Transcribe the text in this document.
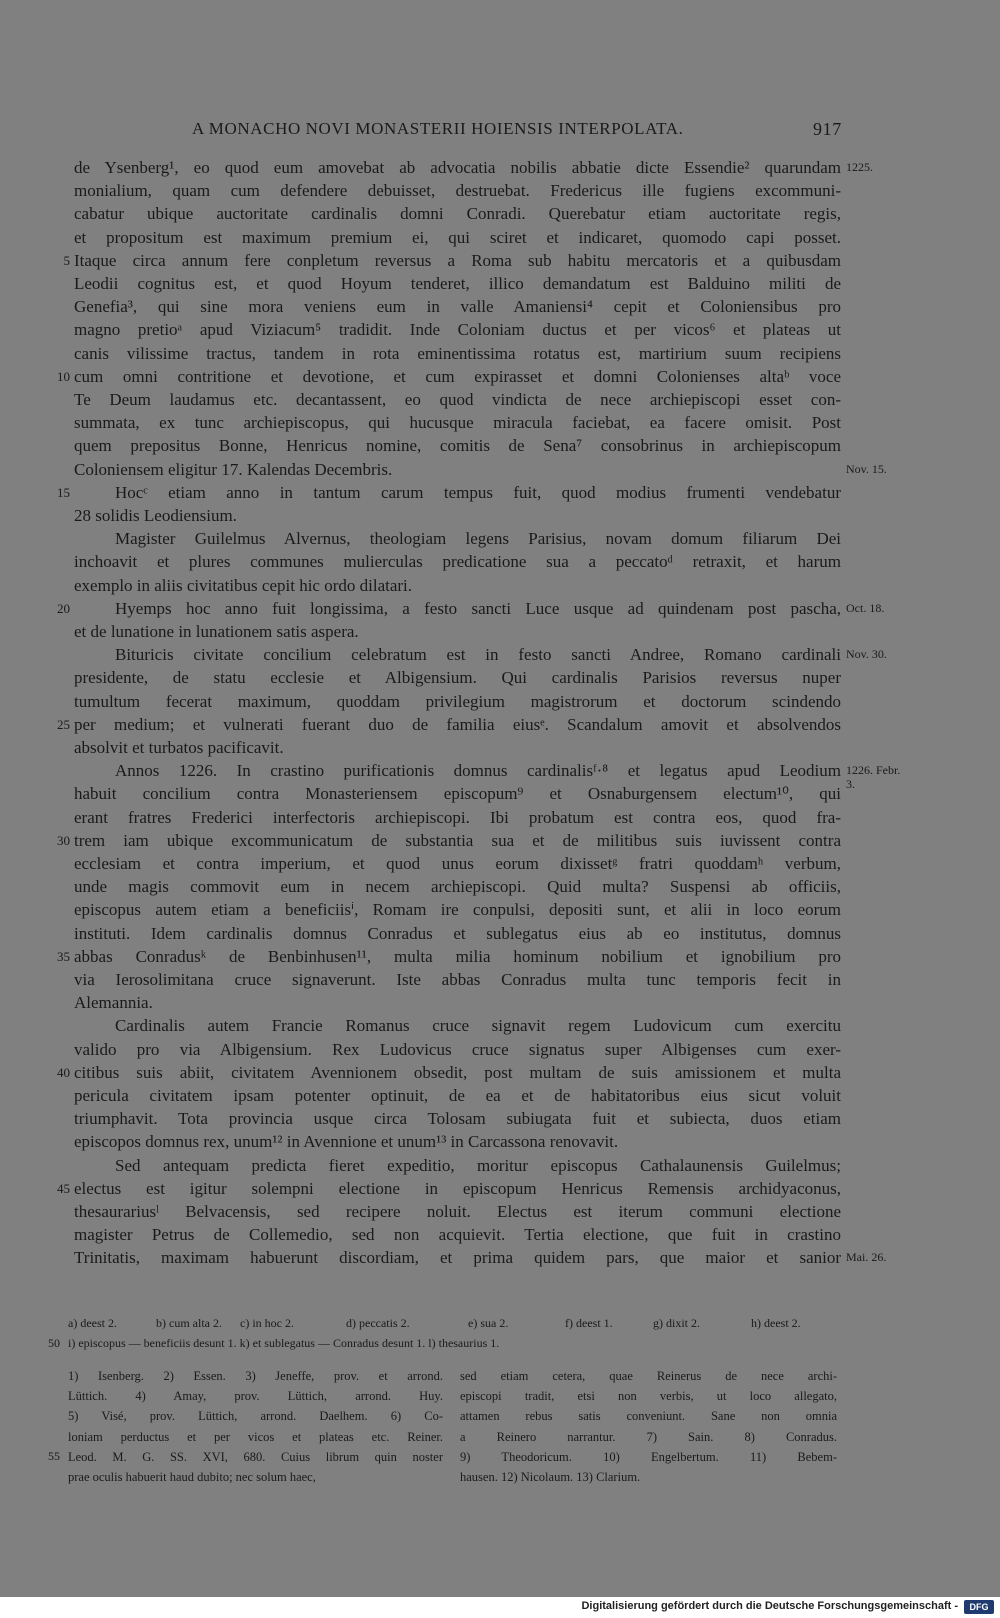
A MONACHO NOVI MONASTERII HOIENSIS INTERPOLATA.	917
de Ysenberg¹, eo quod eum amovebat ab advocatia nobilis abbatie dicte Essendie² quarundam 1225.
monialium, quam cum defendere debuisset, destruebat. Fredericus ille fugiens excommuni-
cabatur ubique auctoritate cardinalis domni Conradi. Querebatur etiam auctoritate regis,
et propositum est maximum premium ei, qui sciret et indicaret, quomodo capi posset.
Itaque circa annum fere conpletum reversus a Roma sub habitu mercatoris et a quibusdam
5
Leodii cognitus est, et quod Hoyum tenderet, illico demandatum est Balduino militi de
Genefia³, qui sine mora veniens eum in valle Amaniensi⁴ cepit et Coloniensibus pro
magno pretioᵃ apud Viziacum⁵ tradidit. Inde Coloniam ductus et per vicos⁶ et plateas ut
canis vilissime tractus, tandem in rota eminentissima rotatus est, martirium suum recipiens
cum omni contritione et devotione, et cum expirasset et domni Colonienses altaᵇ voce
10
Te Deum laudamus etc. decantassent, eo quod vindicta de nece archiepiscopi esset con-
summata, ex tunc archiepiscopus, qui hucusque miracula faciebat, ea facere omisit. Post
quem prepositus Bonne, Henricus nomine, comitis de Sena⁷ consobrinus in archiepiscopum
Coloniensem eligitur 17. Kalendas Decembris.	Nov. 15.
Hocᶜ etiam anno in tantum carum tempus fuit, quod modius frumenti vendebatur
15
28 solidis Leodiensium.
Magister Guilelmus Alvernus, theologiam legens Parisius, novam domum filiarum Dei
inchoavit et plures communes mulierculas predicatione sua a peccatoᵈ retraxit, et harum
exemplo in aliis civitatibus cepit hic ordo dilatari.
Hyemps hoc anno fuit longissima, a festo sancti Luce usque ad quindenam post pascha,
20	Oct. 18.
et de lunatione in lunationem satis aspera.
Bituricis civitate concilium celebratum est in festo sancti Andree, Romano cardinali Nov. 30.
presidente, de statu ecclesie et Albigensium. Qui cardinalis Parisios reversus nuper
tumultum fecerat maximum, quoddam privilegium magistrorum et doctorum scindendo
per medium; et vulnerati fuerant duo de familia eiusᵉ. Scandalum amovit et absolvendos
25
absolvit et turbatos pacificavit.
Annos 1226. In crastino purificationis domnus cardinalisᶠ·⁸ et legatus apud Leodium 1226. Febr. 3.
habuit concilium contra Monasteriensem episcopum⁹ et Osnaburgensem electum¹⁰, qui
erant fratres Frederici interfectoris archiepiscopi. Ibi probatum est contra eos, quod fra-
trem iam ubique excommunicatum de substantia sua et de militibus suis iuvissent contra
30
ecclesiam et contra imperium, et quod unus eorum dixissetᵍ fratri quoddamʰ verbum,
unde magis commovit eum in necem archiepiscopi. Quid multa? Suspensi ab officiis,
episcopus autem etiam a beneficiisⁱ, Romam ire conpulsi, depositi sunt, et alii in loco eorum
instituti. Idem cardinalis domnus Conradus et sublegatus eius ab eo institutus, domnus
abbas Conradusᵏ de Benbinhusen¹¹, multa milia hominum nobilium et ignobilium pro
35
via Ierosolimitana cruce signaverunt. Iste abbas Conradus multa tunc temporis fecit in
Alemannia.
Cardinalis autem Francie Romanus cruce signavit regem Ludovicum cum exercitu
valido pro via Albigensium. Rex Ludovicus cruce signatus super Albigenses cum exer-
citibus suis abiit, civitatem Avennionem obsedit, post multam de suis amissionem et multa
40
pericula civitatem ipsam potenter optinuit, de ea et de habitatoribus eius sicut voluit
triumphavit. Tota provincia usque circa Tolosam subiugata fuit et subiecta, duos etiam
episcopos domnus rex, unum¹² in Avennione et unum¹³ in Carcassona renovavit.
Sed antequam predicta fieret expeditio, moritur episcopus Cathalaunensis Guilelmus;
electus est igitur solempni electione in episcopum Henricus Remensis archidyaconus,
45
thesaurariusˡ Belvacensis, sed recipere noluit. Electus est iterum communi electione
magister Petrus de Collemedio, sed non acquievit. Tertia electione, que fuit in crastino
Trinitatis, maximam habuerunt discordiam, et prima quidem pars, que maior et sanior Mai. 26.
a) deest 2.	b) cum alta 2. c) in hoc 2.	d) peccatis 2.	e) sua 2.	f) deest 1.	g) dixit 2.	h) deest 2.
50 i) episcopus — beneficiis desunt 1. k) et sublegatus — Conradus desunt 1. l) thesaurius 1.
1) Isenberg. 2) Essen. 3) Jeneffe, prov. et arrond.
Lüttich. 4) Amay, prov. Lüttich, arrond. Huy.
5) Visé, prov. Lüttich, arrond. Daelhem. 6) Co-
loniam perductus et per vicos et plateas etc. Reiner.
Leod. M. G. SS. XVI, 680. Cuius librum quin noster
55
prae oculis habuerit haud dubito; nec solum haec,
sed etiam cetera, quae Reinerus de nece archi-
episcopi tradit, etsi non verbis, ut loco allegato,
attamen rebus satis conveniunt. Sane non omnia
a Reinero narrantur. 7) Sain. 8) Conradus.
9) Theodoricum. 10) Engelbertum. 11) Bebem-
hausen. 12) Nicolaum. 13) Clarium.
Digitalisierung gefördert durch die Deutsche Forschungsgemeinschaft -	DFG
